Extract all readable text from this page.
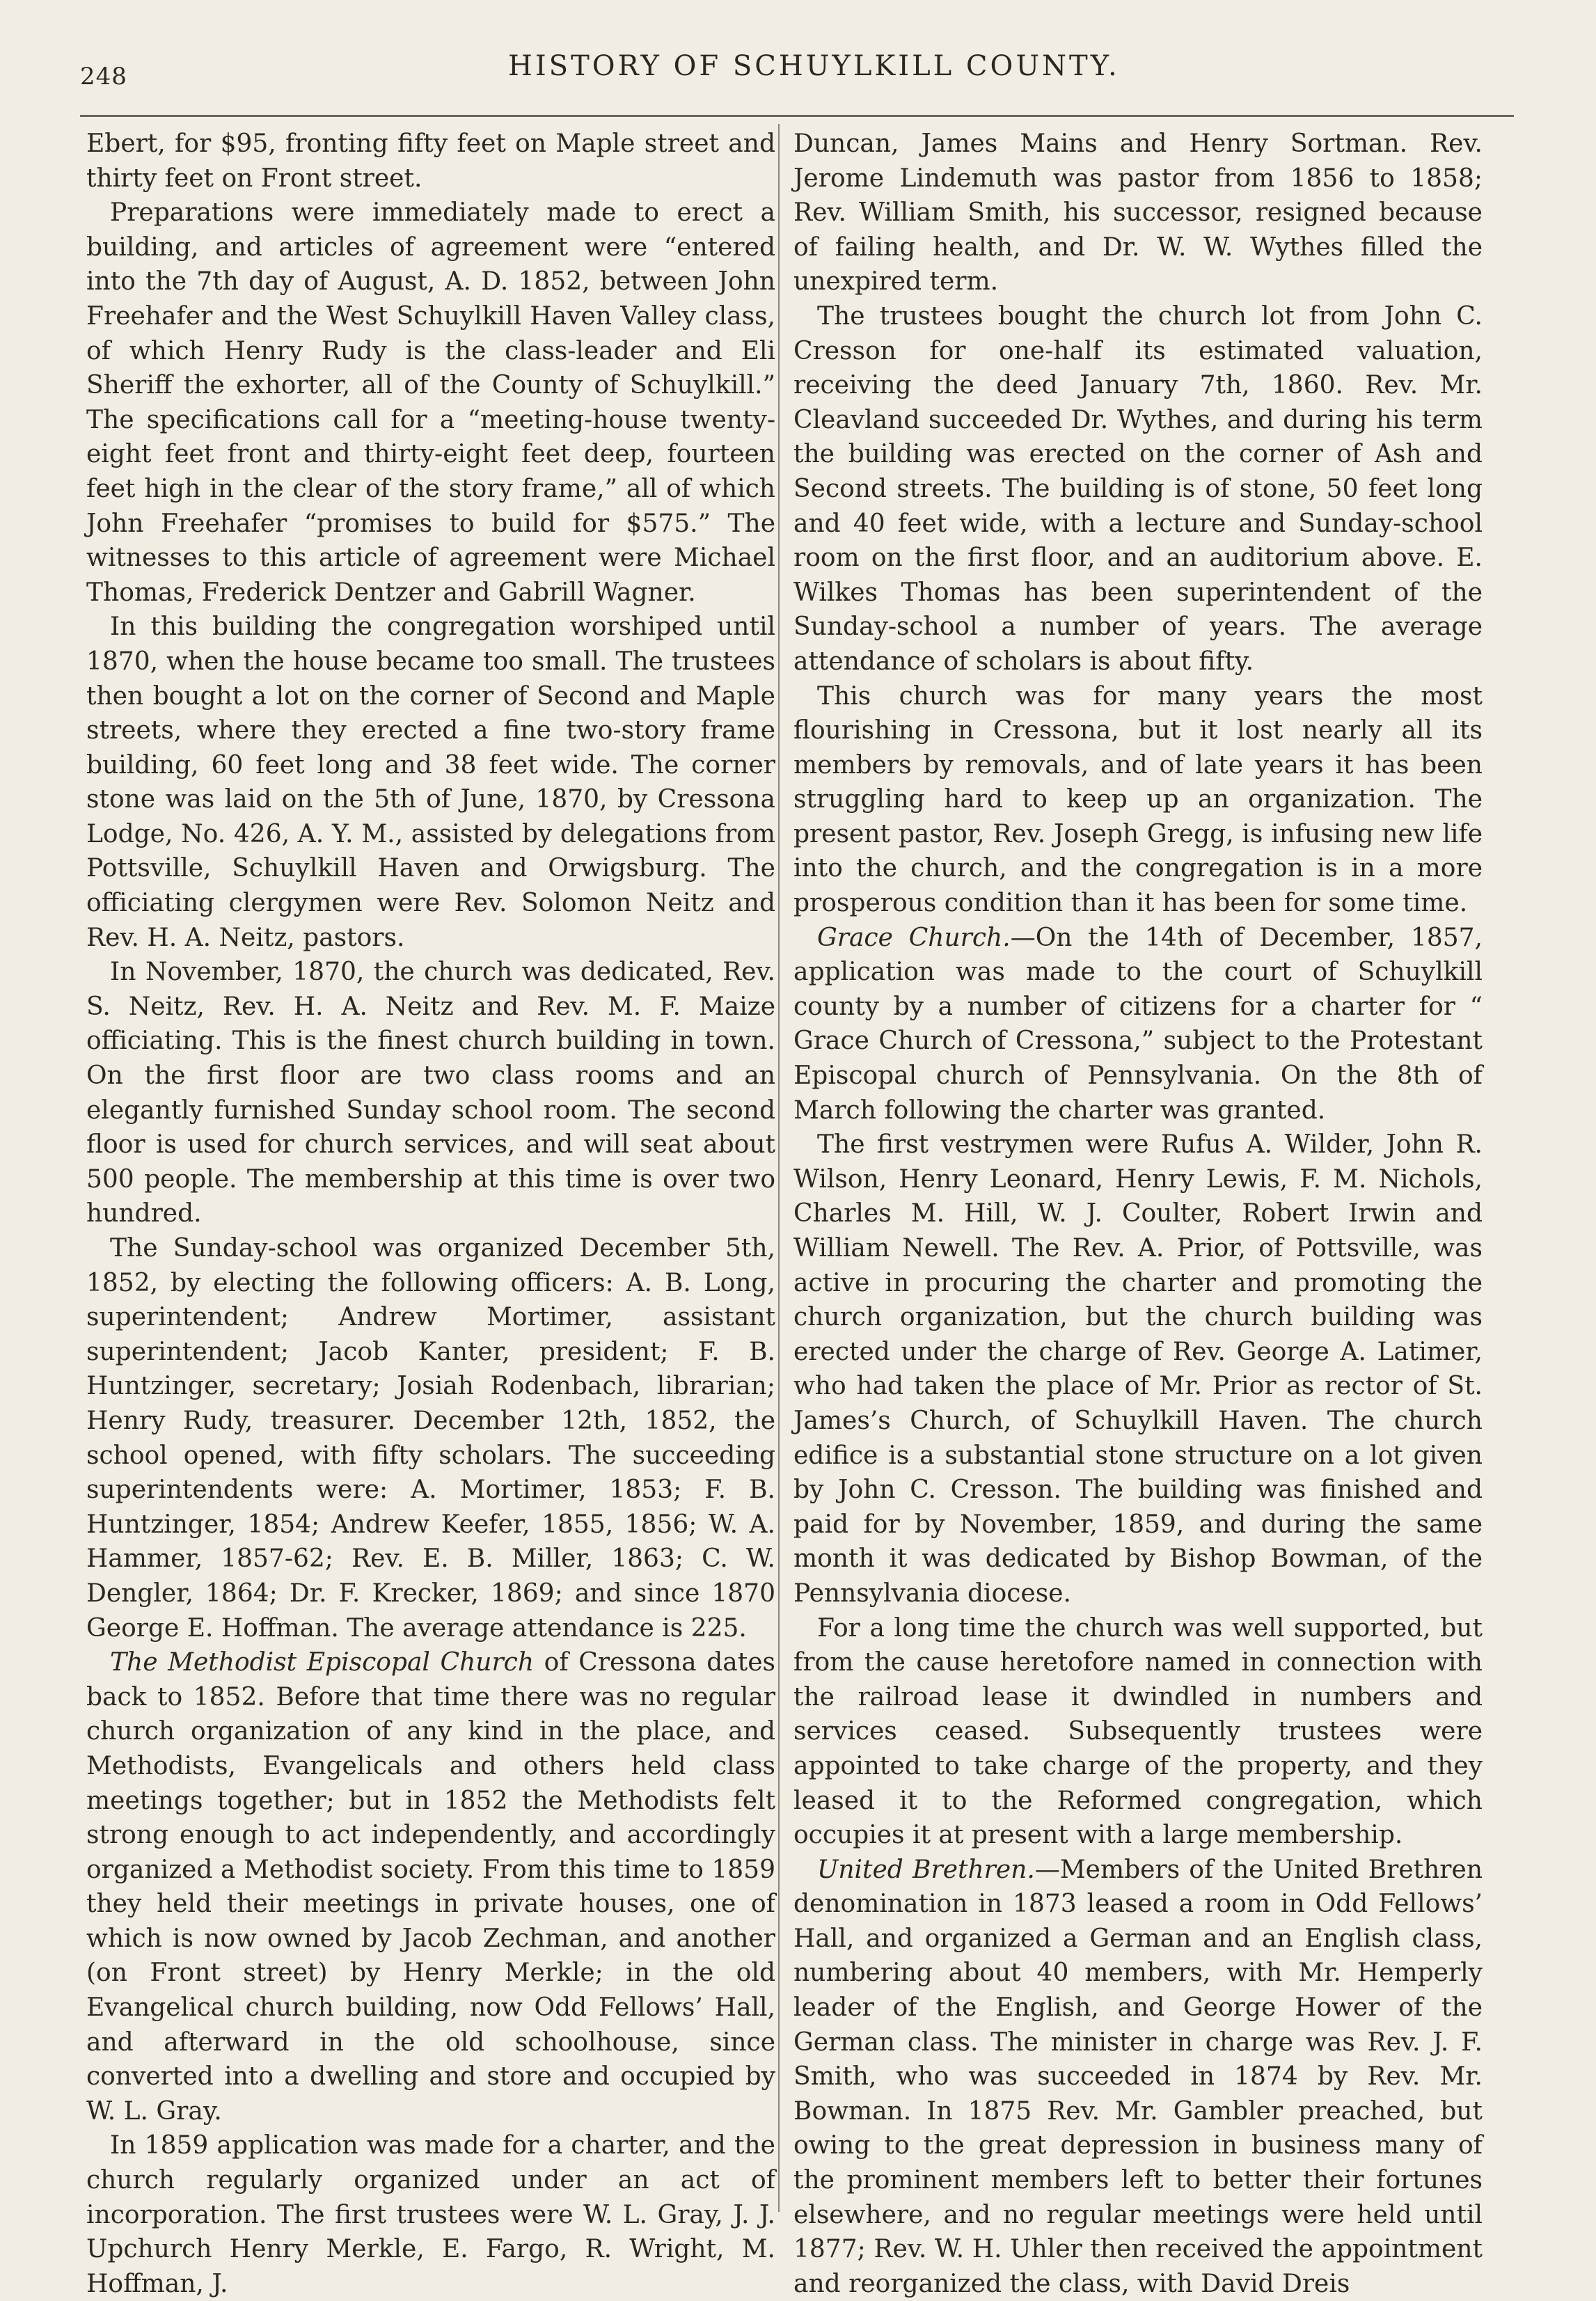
248	HISTORY OF SCHUYLKILL COUNTY.

Ebert, for $95, fronting fifty feet on Maple street and thirty feet on Front street.

Preparations were immediately made to erect a building, and articles of agreement were “entered into the 7th day of August, A. D. 1852, between John Freehafer and the West Schuylkill Haven Valley class, of which Henry Rudy is the class-leader and Eli Sheriff the exhorter, all of the County of Schuylkill.” The specifications call for a “meeting-house twenty-eight feet front and thirty-eight feet deep, fourteen feet high in the clear of the story frame,” all of which John Freehafer “promises to build for $575.” The witnesses to this article of agreement were Michael Thomas, Frederick Dentzer and Gabrill Wagner.

In this building the congregation worshiped until 1870, when the house became too small. The trustees then bought a lot on the corner of Second and Maple streets, where they erected a fine two-story frame building, 60 feet long and 38 feet wide. The corner stone was laid on the 5th of June, 1870, by Cressona Lodge, No. 426, A. Y. M., assisted by delegations from Pottsville, Schuylkill Haven and Orwigsburg. The officiating clergymen were Rev. Solomon Neitz and Rev. H. A. Neitz, pastors.

In November, 1870, the church was dedicated, Rev. S. Neitz, Rev. H. A. Neitz and Rev. M. F. Maize officiating. This is the finest church building in town. On the first floor are two class rooms and an elegantly furnished Sunday school room. The second floor is used for church services, and will seat about 500 people. The membership at this time is over two hundred.

The Sunday-school was organized December 5th, 1852, by electing the following officers: A. B. Long, superintendent; Andrew Mortimer, assistant superintendent; Jacob Kanter, president; F. B. Huntzinger, secretary; Josiah Rodenbach, librarian; Henry Rudy, treasurer. December 12th, 1852, the school opened, with fifty scholars. The succeeding superintendents were: A. Mortimer, 1853; F. B. Huntzinger, 1854; Andrew Keefer, 1855, 1856; W. A. Hammer, 1857-62; Rev. E. B. Miller, 1863; C. W. Dengler, 1864; Dr. F. Krecker, 1869; and since 1870 George E. Hoffman. The average attendance is 225.

The Methodist Episcopal Church of Cressona dates back to 1852. Before that time there was no regular church organization of any kind in the place, and Methodists, Evangelicals and others held class meetings together; but in 1852 the Methodists felt strong enough to act independently, and accordingly organized a Methodist society. From this time to 1859 they held their meetings in private houses, one of which is now owned by Jacob Zechman, and another (on Front street) by Henry Merkle; in the old Evangelical church building, now Odd Fellows’ Hall, and afterward in the old schoolhouse, since converted into a dwelling and store and occupied by W. L. Gray.

In 1859 application was made for a charter, and the church regularly organized under an act of incorporation. The first trustees were W. L. Gray, J. J. Upchurch Henry Merkle, E. Fargo, R. Wright, M. Hoffman, J.

Duncan, James Mains and Henry Sortman. Rev. Jerome Lindemuth was pastor from 1856 to 1858; Rev. William Smith, his successor, resigned because of failing health, and Dr. W. W. Wythes filled the unexpired term.

The trustees bought the church lot from John C. Cresson for one-half its estimated valuation, receiving the deed January 7th, 1860. Rev. Mr. Cleavland succeeded Dr. Wythes, and during his term the building was erected on the corner of Ash and Second streets. The building is of stone, 50 feet long and 40 feet wide, with a lecture and Sunday-school room on the first floor, and an auditorium above. E. Wilkes Thomas has been superintendent of the Sunday-school a number of years. The average attendance of scholars is about fifty.

This church was for many years the most flourishing in Cressona, but it lost nearly all its members by removals, and of late years it has been struggling hard to keep up an organization. The present pastor, Rev. Joseph Gregg, is infusing new life into the church, and the congregation is in a more prosperous condition than it has been for some time.

Grace Church.—On the 14th of December, 1857, application was made to the court of Schuylkill county by a number of citizens for a charter for “ Grace Church of Cressona,” subject to the Protestant Episcopal church of Pennsylvania. On the 8th of March following the charter was granted.

The first vestrymen were Rufus A. Wilder, John R. Wilson, Henry Leonard, Henry Lewis, F. M. Nichols, Charles M. Hill, W. J. Coulter, Robert Irwin and William Newell. The Rev. A. Prior, of Pottsville, was active in procuring the charter and promoting the church organization, but the church building was erected under the charge of Rev. George A. Latimer, who had taken the place of Mr. Prior as rector of St. James’s Church, of Schuylkill Haven. The church edifice is a substantial stone structure on a lot given by John C. Cresson. The building was finished and paid for by November, 1859, and during the same month it was dedicated by Bishop Bowman, of the Pennsylvania diocese.

For a long time the church was well supported, but from the cause heretofore named in connection with the railroad lease it dwindled in numbers and services ceased. Subsequently trustees were appointed to take charge of the property, and they leased it to the Reformed congregation, which occupies it at present with a large membership.

United Brethren.—Members of the United Brethren denomination in 1873 leased a room in Odd Fellows’ Hall, and organized a German and an English class, numbering about 40 members, with Mr. Hemperly leader of the English, and George Hower of the German class. The minister in charge was Rev. J. F. Smith, who was succeeded in 1874 by Rev. Mr. Bowman. In 1875 Rev. Mr. Gambler preached, but owing to the great depression in business many of the prominent members left to better their fortunes elsewhere, and no regular meetings were held until 1877; Rev. W. H. Uhler then received the appointment and reorganized the class, with David Dreis
